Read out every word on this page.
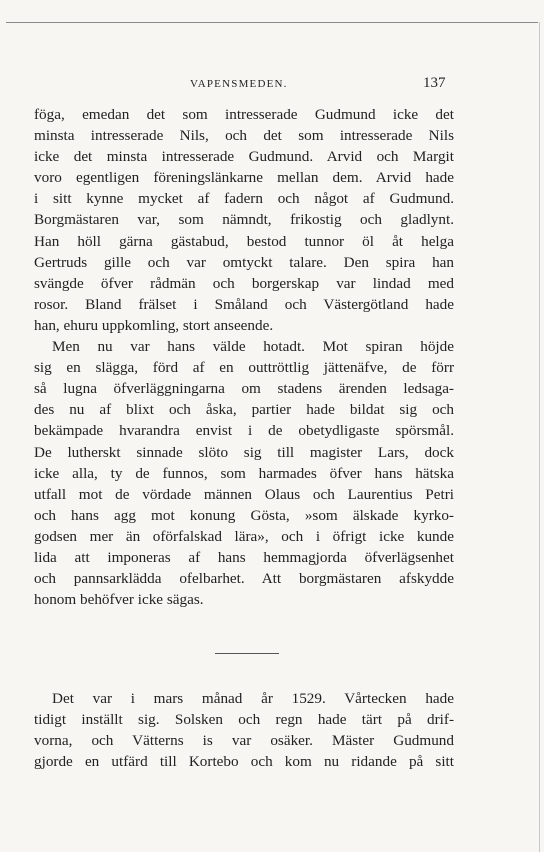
VAPENSMEDEN.	137
föga, emedan det som intresserade Gudmund icke det
minsta intresserade Nils, och det som intresserade Nils
icke det minsta intresserade Gudmund. Arvid och Margit
voro egentligen föreningslänkarne mellan dem. Arvid hade
i sitt kynne mycket af fadern och något af Gudmund.
Borgmästaren var, som nämndt, frikostig och gladlynt.
Han höll gärna gästabud, bestod tunnor öl åt helga
Gertruds gille och var omtyckt talare. Den spira han
svängde öfver rådmän och borgerskap var lindad med
rosor. Bland frälset i Småland och Västergötland hade
han, ehuru uppkomling, stort anseende.
Men nu var hans välde hotadt. Mot spiran höjde
sig en slägga, förd af en outtröttlig jättenäfve, de förr
så lugna öfverläggningarna om stadens ärenden ledsaga-
des nu af blixt och åska, partier hade bildat sig och
bekämpade hvarandra envist i de obetydligaste spörsmål.
De lutherskt sinnade slöto sig till magister Lars, dock
icke alla, ty de funnos, som harmades öfver hans hätska
utfall mot de vördade männen Olaus och Laurentius Petri
och hans agg mot konung Gösta, »som älskade kyrko-
godsen mer än oförfalskad lära», och i öfrigt icke kunde
lida att imponeras af hans hemmagjorda öfverlägsenhet
och pannsarklädda ofelbarhet. Att borgmästaren afskydde
honom behöfver icke sägas.
Det var i mars månad år 1529. Vårtecken hade
tidigt inställt sig. Solsken och regn hade tärt på drif-
vorna, och Vätterns is var osäker. Mäster Gudmund
gjorde en utfärd till Kortebo och kom nu ridande på sitt
